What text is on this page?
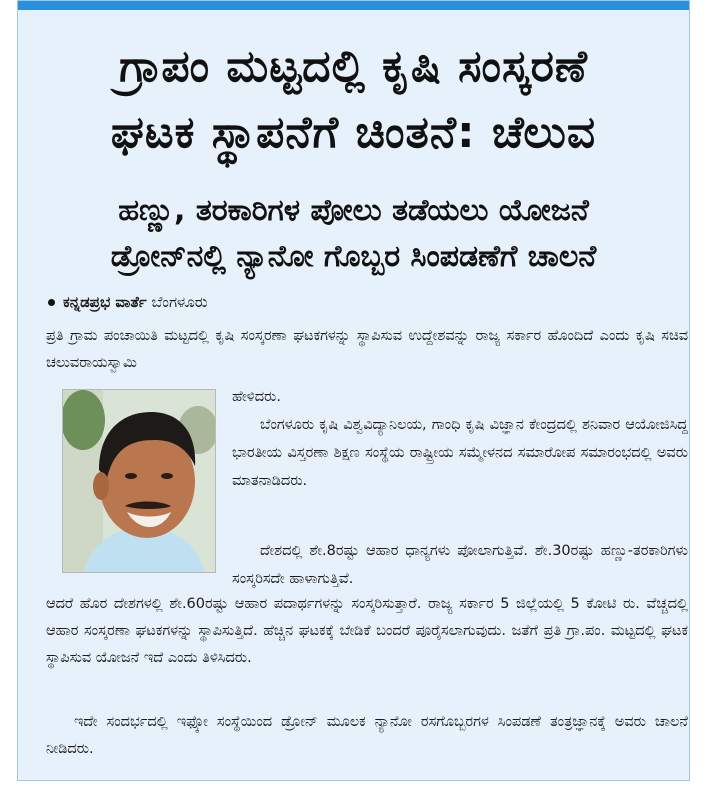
ಗ್ರಾಪಂ ಮಟ್ಟದಲ್ಲಿ ಕೃಷಿ ಸಂಸ್ಕರಣೆ
ಘಟಕ ಸ್ಥಾಪನೆಗೆ ಚಿಂತನೆ: ಚೆಲುವ
ಹಣ್ಣು, ತರಕಾರಿಗಳ ಪೋಲು ತಡೆಯಲು ಯೋಜನೆ
ಡ್ರೋನ್‌ನಲ್ಲಿ ನ್ಯಾನೋ ಗೊಬ್ಬರ ಸಿಂಪಡಣೆಗೆ ಚಾಲನೆ
ಕನ್ನಡಪ್ರಭ ವಾರ್ತೆ ಬೆಂಗಳೂರು

ಪ್ರತಿ ಗ್ರಾಮ ಪಂಚಾಯಿತಿ ಮಟ್ಟದಲ್ಲಿ ಕೃಷಿ ಸಂಸ್ಕರಣಾ ಘಟಕಗಳನ್ನು ಸ್ಥಾಪಿಸುವ ಉದ್ದೇಶವನ್ನು ರಾಜ್ಯ ಸರ್ಕಾರ ಹೊಂದಿದೆ ಎಂದು ಕೃಷಿ ಸಚಿವ ಚಲುವರಾಯಸ್ವಾಮಿ

ಹೇಳಿದರು.

ಬೆಂಗಳೂರು ಕೃಷಿ ವಿಶ್ವವಿದ್ಯಾನಿಲಯ, ಗಾಂಧಿ ಕೃಷಿ ವಿಜ್ಞಾನ ಕೇಂದ್ರದಲ್ಲಿ ಶನಿವಾರ ಆಯೋಜಿಸಿದ್ದ ಭಾರತೀಯ ವಿಸ್ತರಣಾ ಶಿಕ್ಷಣ ಸಂಸ್ಥೆಯ ರಾಷ್ಟ್ರೀಯ ಸಮ್ಮೇಳನದ ಸಮಾರೋಪ ಸಮಾರಂಭದಲ್ಲಿ ಅವರು ಮಾತನಾಡಿದರು.

ದೇಶದಲ್ಲಿ ಶೇ.8ರಷ್ಟು ಆಹಾರ ಧಾನ್ಯಗಳು ಪೋಲಾಗುತ್ತಿವೆ. ಶೇ.30ರಷ್ಟು ಹಣ್ಣು-ತರಕಾರಿಗಳು ಸಂಸ್ಕರಿಸದೇ ಹಾಳಾಗುತ್ತಿವೆ.

ಆದರೆ ಹೊರ ದೇಶಗಳಲ್ಲಿ ಶೇ.60ರಷ್ಟು ಆಹಾರ ಪದಾರ್ಥಗಳನ್ನು ಸಂಸ್ಕರಿಸುತ್ತಾರೆ. ರಾಜ್ಯ ಸರ್ಕಾರ 5 ಜಿಲ್ಲೆಯಲ್ಲಿ 5 ಕೋಟಿ ರು. ವೆಚ್ಚದಲ್ಲಿ ಆಹಾರ ಸಂಸ್ಕರಣಾ ಘಟಕಗಳನ್ನು ಸ್ಥಾಪಿಸುತ್ತಿದೆ. ಹೆಚ್ಚಿನ ಘಟಕಕ್ಕೆ ಬೇಡಿಕೆ ಬಂದರೆ ಪೂರೈಸಲಾಗುವುದು. ಜತೆಗೆ ಪ್ರತಿ ಗ್ರಾ.ಪಂ. ಮಟ್ಟದಲ್ಲಿ ಘಟಕ ಸ್ಥಾಪಿಸುವ ಯೋಜನೆ ಇದೆ ಎಂದು ತಿಳಿಸಿದರು.

ಇದೇ ಸಂದರ್ಭದಲ್ಲಿ ಇಫ್ಕೋ ಸಂಸ್ಥೆಯಿಂದ ಡ್ರೋನ್ ಮೂಲಕ ನ್ಯಾನೋ ರಸಗೊಬ್ಬರಗಳ ಸಿಂಪಡಣೆ ತಂತ್ರಜ್ಞಾನಕ್ಕೆ ಅವರು ಚಾಲನೆ ನೀಡಿದರು.
